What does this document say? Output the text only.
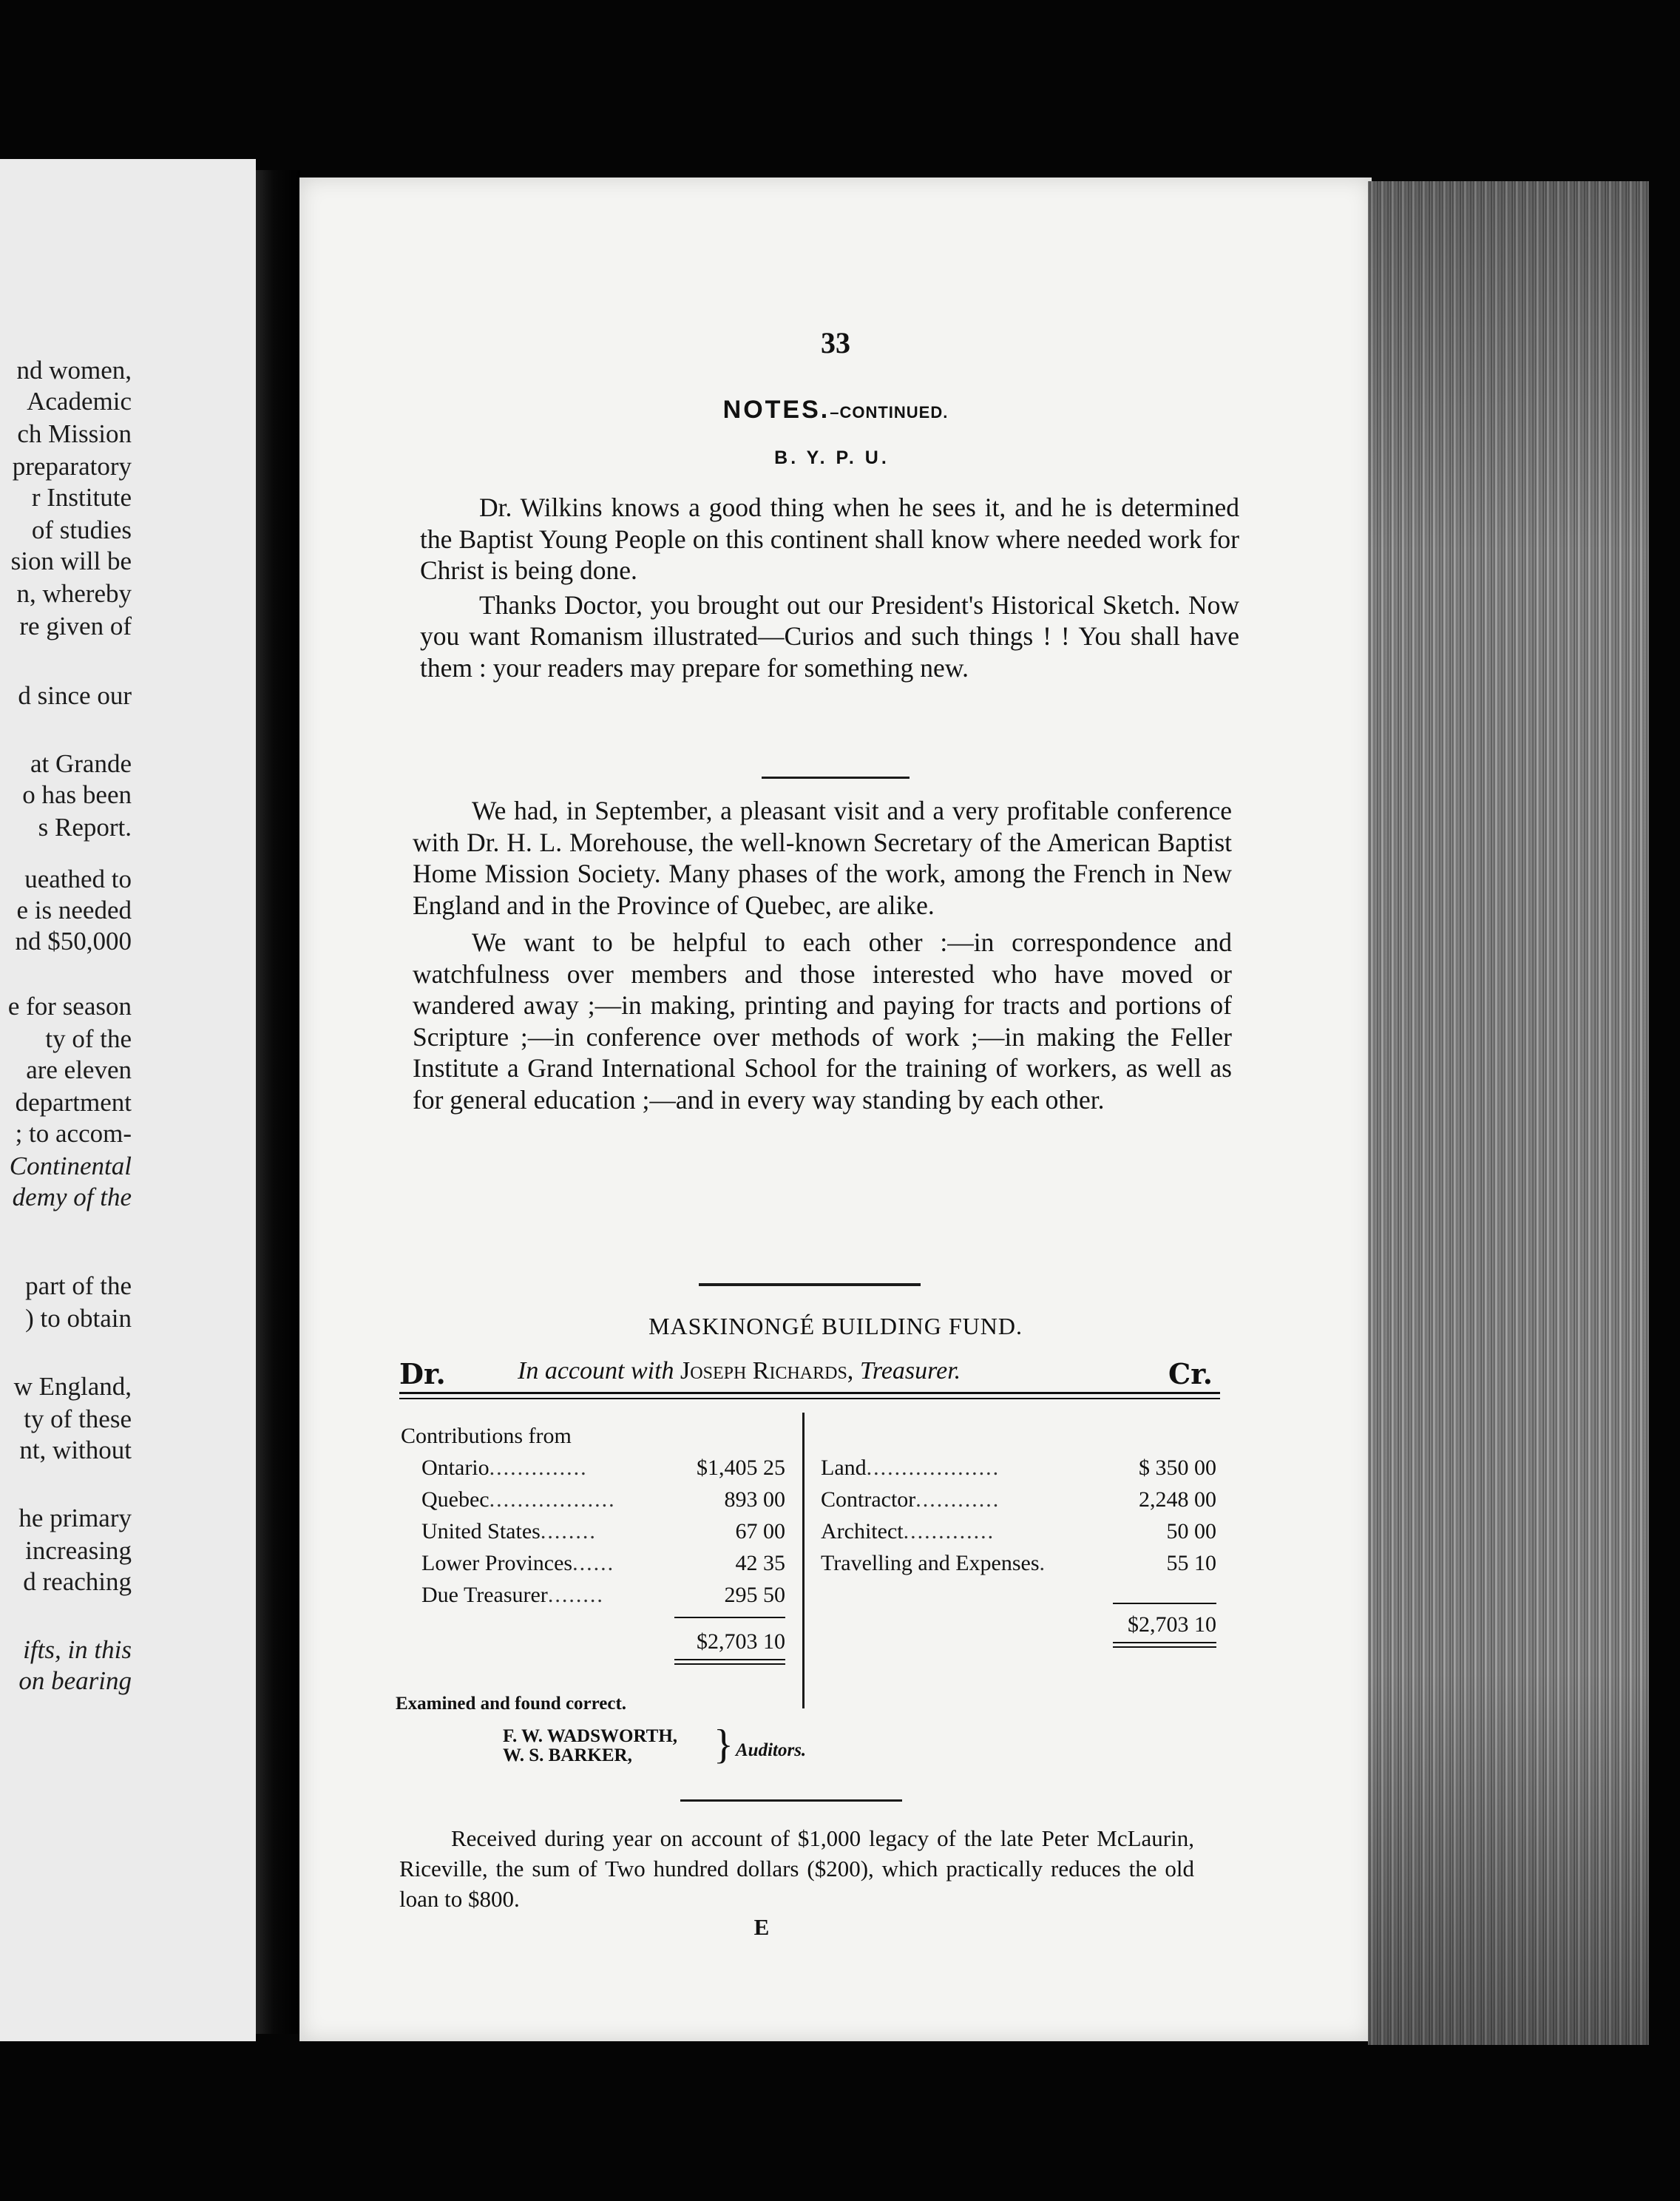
nd women,
Academic
ch Mission
preparatory
r Institute
of studies
sion will be
n, whereby
re given of
d since our
at Grande
o has been
s Report.
ueathed to
e is needed
nd $50,000
e for season
ty of the
are eleven
department
; to accom-
Continental
demy of the
part of the
) to obtain
w England,
ty of these
nt, without
he primary
increasing
d reaching
ifts, in this
on bearing
33
NOTES.–CONTINUED.
B. Y. P. U.

Dr. Wilkins knows a good thing when he sees it, and he is determined the Baptist Young People on this continent shall know where needed work for Christ is being done.

Thanks Doctor, you brought out our President's Historical Sketch. Now you want Romanism illustrated—Curios and such things ! ! You shall have them : your readers may prepare for something new.

We had, in September, a pleasant visit and a very profitable conference with Dr. H. L. Morehouse, the well-known Secretary of the American Baptist Home Mission Society. Many phases of the work, among the French in New England and in the Province of Quebec, are alike.

We want to be helpful to each other :—in correspondence and watchfulness over members and those interested who have moved or wandered away ;—in making, printing and paying for tracts and portions of Scripture ;—in conference over methods of work ;—in making the Feller Institute a Grand International School for the training of workers, as well as for general education ;—and in every way standing by each other.

MASKINONGÉ BUILDING FUND.
Dr.	In account with Joseph Richards, Treasurer.	Cr.
Contributions from
Ontario..............	$1,405 25
Quebec..................	893 00
United States........	67 00
Lower Provinces......	42 35
Due Treasurer........	295 50
$2,703 10
Land...................	$ 350 00
Contractor............	2,248 00
Architect.............	50 00
Travelling and Expenses.	55 10
$2,703 10
Examined and found correct.
F. W. WADSWORTH,
W. S. BARKER,	} Auditors.
Received during year on account of $1,000 legacy of the late Peter McLaurin, Riceville, the sum of Two hundred dollars ($200), which practically reduces the old loan to $800.
E
